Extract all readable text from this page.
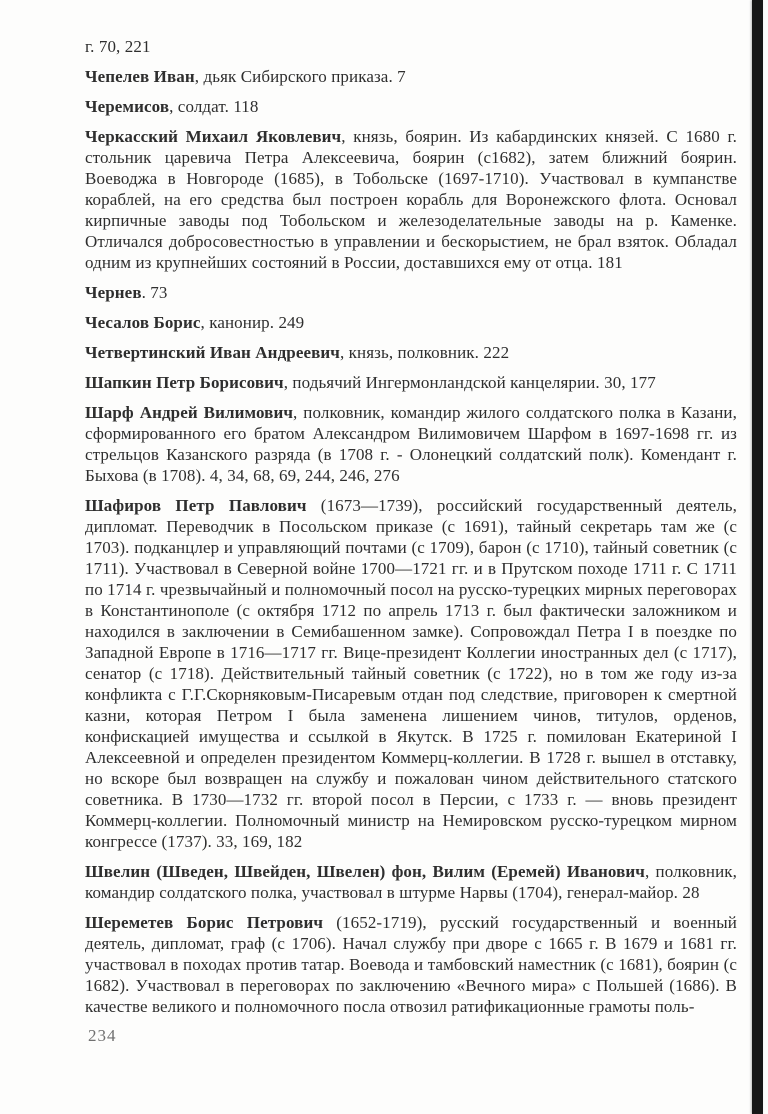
г. 70, 221

Чепелев Иван, дьяк Сибирского приказа. 7

Черемисов, солдат. 118

Черкасский Михаил Яковлевич, князь, боярин. Из кабардинских князей. С 1680 г. стольник царевича Петра Алексеевича, боярин (с1682), затем ближний боярин. Воеводжа в Новгороде (1685), в Тобольске (1697-1710). Участвовал в кумпанстве кораблей, на его средства был построен корабль для Воронежского флота. Основал кирпичные заводы под Тобольском и железоделательные заводы на р. Каменке. Отличался добросовестностью в управлении и бескорыстием, не брал взяток. Обладал одним из крупнейших состояний в России, доставшихся ему от отца. 181

Чернев. 73

Чесалов Борис, канонир. 249

Четвертинский Иван Андреевич, князь, полковник. 222

Шапкин Петр Борисович, подьячий Ингермонландской канцелярии. 30, 177

Шарф Андрей Вилимович, полковник, командир жилого солдатского полка в Казани, сформированного его братом Александром Вилимовичем Шарфом в 1697-1698 гг. из стрельцов Казанского разряда (в 1708 г. - Олонецкий солдатский полк). Комендант г. Быхова (в 1708). 4, 34, 68, 69, 244, 246, 276

Шафиров Петр Павлович (1673—1739), российский государственный деятель, дипломат. Переводчик в Посольском приказе (с 1691), тайный секретарь там же (с 1703). подканцлер и управляющий почтами (с 1709), барон (с 1710), тайный советник (с 1711). Участвовал в Северной войне 1700—1721 гг. и в Прутском походе 1711 г. С 1711 по 1714 г. чрезвычайный и полномочный посол на русско-турецких мирных переговорах в Константинополе (с октября 1712 по апрель 1713 г. был фактически заложником и находился в заключении в Семибашенном замке). Сопровождал Петра I в поездке по Западной Европе в 1716—1717 гг. Вице-президент Коллегии иностранных дел (с 1717), сенатор (с 1718). Действительный тайный советник (с 1722), но в том же году из-за конфликта с Г.Г.Скорняковым-Писаревым отдан под следствие, приговорен к смертной казни, которая Петром I была заменена лишением чинов, титулов, орденов, конфискацией имущества и ссылкой в Якутск. В 1725 г. помилован Екатериной I Алексеевной и определен президентом Коммерц-коллегии. В 1728 г. вышел в отставку, но вскоре был возвращен на службу и пожалован чином действительного статского советника. В 1730—1732 гг. второй посол в Персии, с 1733 г. — вновь президент Коммерц-коллегии. Полномочный министр на Немировском русско-турецком мирном конгрессе (1737). 33, 169, 182

Швелин (Шведен, Швейден, Швелен) фон, Вилим (Еремей) Иванович, полковник, командир солдатского полка, участвовал в штурме Нарвы (1704), генерал-майор. 28

Шереметев Борис Петрович (1652-1719), русский государственный и военный деятель, дипломат, граф (с 1706). Начал службу при дворе с 1665 г. В 1679 и 1681 гг. участвовал в походах против татар. Воевода и тамбовский наместник (с 1681), боярин (с 1682). Участвовал в переговорах по заключению «Вечного мира» с Польшей (1686). В качестве великого и полномочного посла отвозил ратификационные грамоты поль-

234
